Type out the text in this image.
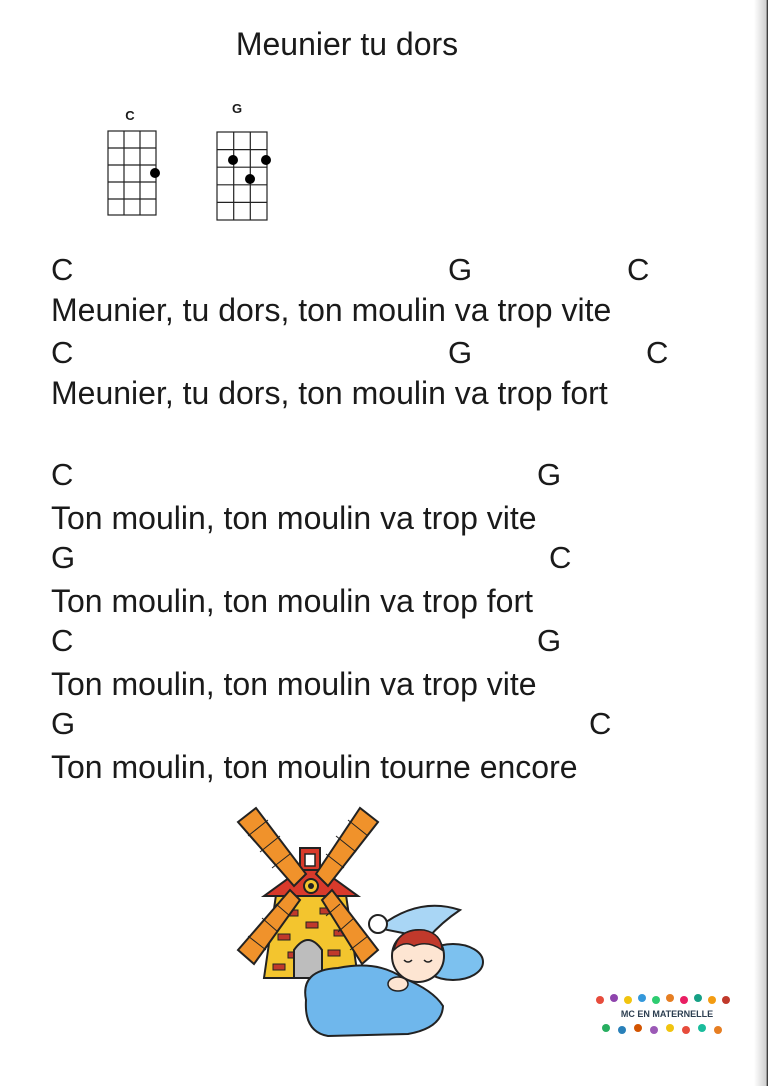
Meunier tu dors
C	G
C	G	C
Meunier, tu dors, ton moulin va trop vite
C	G	C
Meunier, tu dors, ton moulin va trop fort
C	G
Ton moulin, ton moulin va trop vite
G	C
Ton moulin, ton moulin va trop fort
C	G
Ton moulin, ton moulin va trop vite
G	C
Ton moulin, ton moulin tourne encore
MC EN MATERNELLE
